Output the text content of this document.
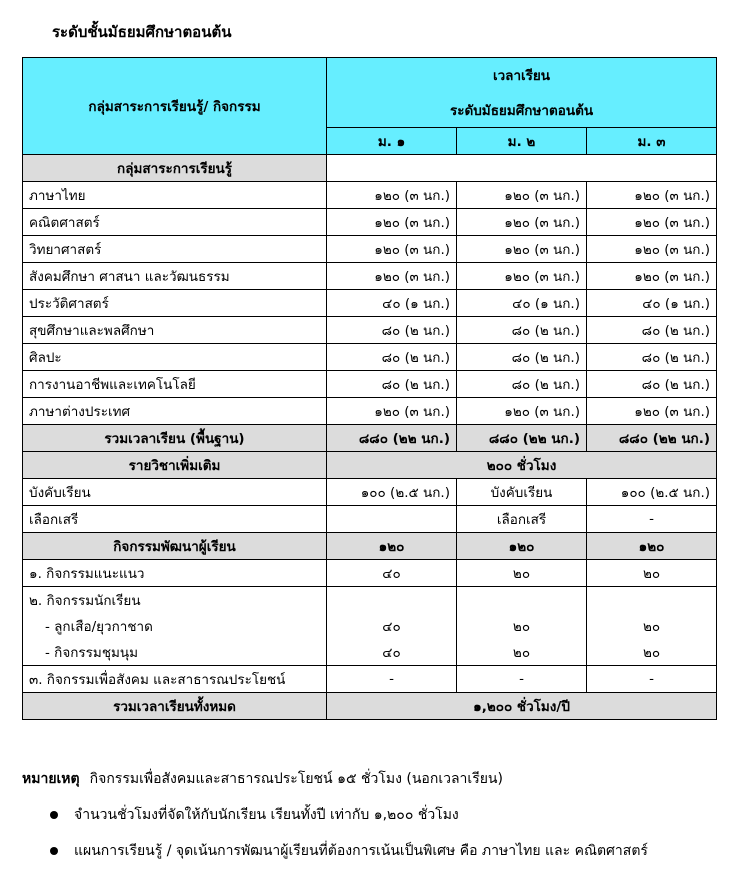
ระดับชั้นมัธยมศึกษาตอนต้น
กลุ่มสาระการเรียนรู้/ กิจกรรม	เวลาเรียน		
	ระดับมัธยมศึกษาตอนต้น		
	ม. ๑	ม. ๒	ม. ๓
กลุ่มสาระการเรียนรู้			
ภาษาไทย	๑๒๐ (๓ นก.)	๑๒๐ (๓ นก.)	๑๒๐ (๓ นก.)
คณิตศาสตร์	๑๒๐ (๓ นก.)	๑๒๐ (๓ นก.)	๑๒๐ (๓ นก.)
วิทยาศาสตร์	๑๒๐ (๓ นก.)	๑๒๐ (๓ นก.)	๑๒๐ (๓ นก.)
สังคมศึกษา ศาสนา และวัฒนธรรม	๑๒๐ (๓ นก.)	๑๒๐ (๓ นก.)	๑๒๐ (๓ นก.)
ประวัติศาสตร์	๔๐ (๑ นก.)	๔๐ (๑ นก.)	๔๐ (๑ นก.)
สุขศึกษาและพลศึกษา	๘๐ (๒ นก.)	๘๐ (๒ นก.)	๘๐ (๒ นก.)
ศิลปะ	๘๐ (๒ นก.)	๘๐ (๒ นก.)	๘๐ (๒ นก.)
การงานอาชีพและเทคโนโลยี	๘๐ (๒ นก.)	๘๐ (๒ นก.)	๘๐ (๒ นก.)
ภาษาต่างประเทศ	๑๒๐ (๓ นก.)	๑๒๐ (๓ นก.)	๑๒๐ (๓ นก.)
รวมเวลาเรียน (พื้นฐาน)	๘๘๐ (๒๒ นก.)	๘๘๐ (๒๒ นก.)	๘๘๐ (๒๒ นก.)
รายวิชาเพิ่มเติม	๒๐๐ ชั่วโมง		
บังคับเรียน	๑๐๐ (๒.๕ นก.)	บังคับเรียน	๑๐๐ (๒.๕ นก.)
เลือกเสรี		เลือกเสรี	-
กิจกรรมพัฒนาผู้เรียน	๑๒๐	๑๒๐	๑๒๐
๑. กิจกรรมแนะแนว	๔๐	๒๐	๒๐
๒. กิจกรรมนักเรียน			
- ลูกเสือ/ยุวกาชาด	๔๐	๒๐	๒๐
- กิจกรรมชุมนุม	๔๐	๒๐	๒๐
๓. กิจกรรมเพื่อสังคม และสาธารณประโยชน์	-	-	-
รวมเวลาเรียนทั้งหมด	๑,๒๐๐ ชั่วโมง/ปี		
หมายเหตุ กิจกรรมเพื่อสังคมและสาธารณประโยชน์ ๑๕ ชั่วโมง (นอกเวลาเรียน)
จำนวนชั่วโมงที่จัดให้กับนักเรียน เรียนทั้งปี เท่ากับ ๑,๒๐๐ ชั่วโมง
แผนการเรียนรู้ / จุดเน้นการพัฒนาผู้เรียนที่ต้องการเน้นเป็นพิเศษ คือ ภาษาไทย และ คณิตศาสตร์
